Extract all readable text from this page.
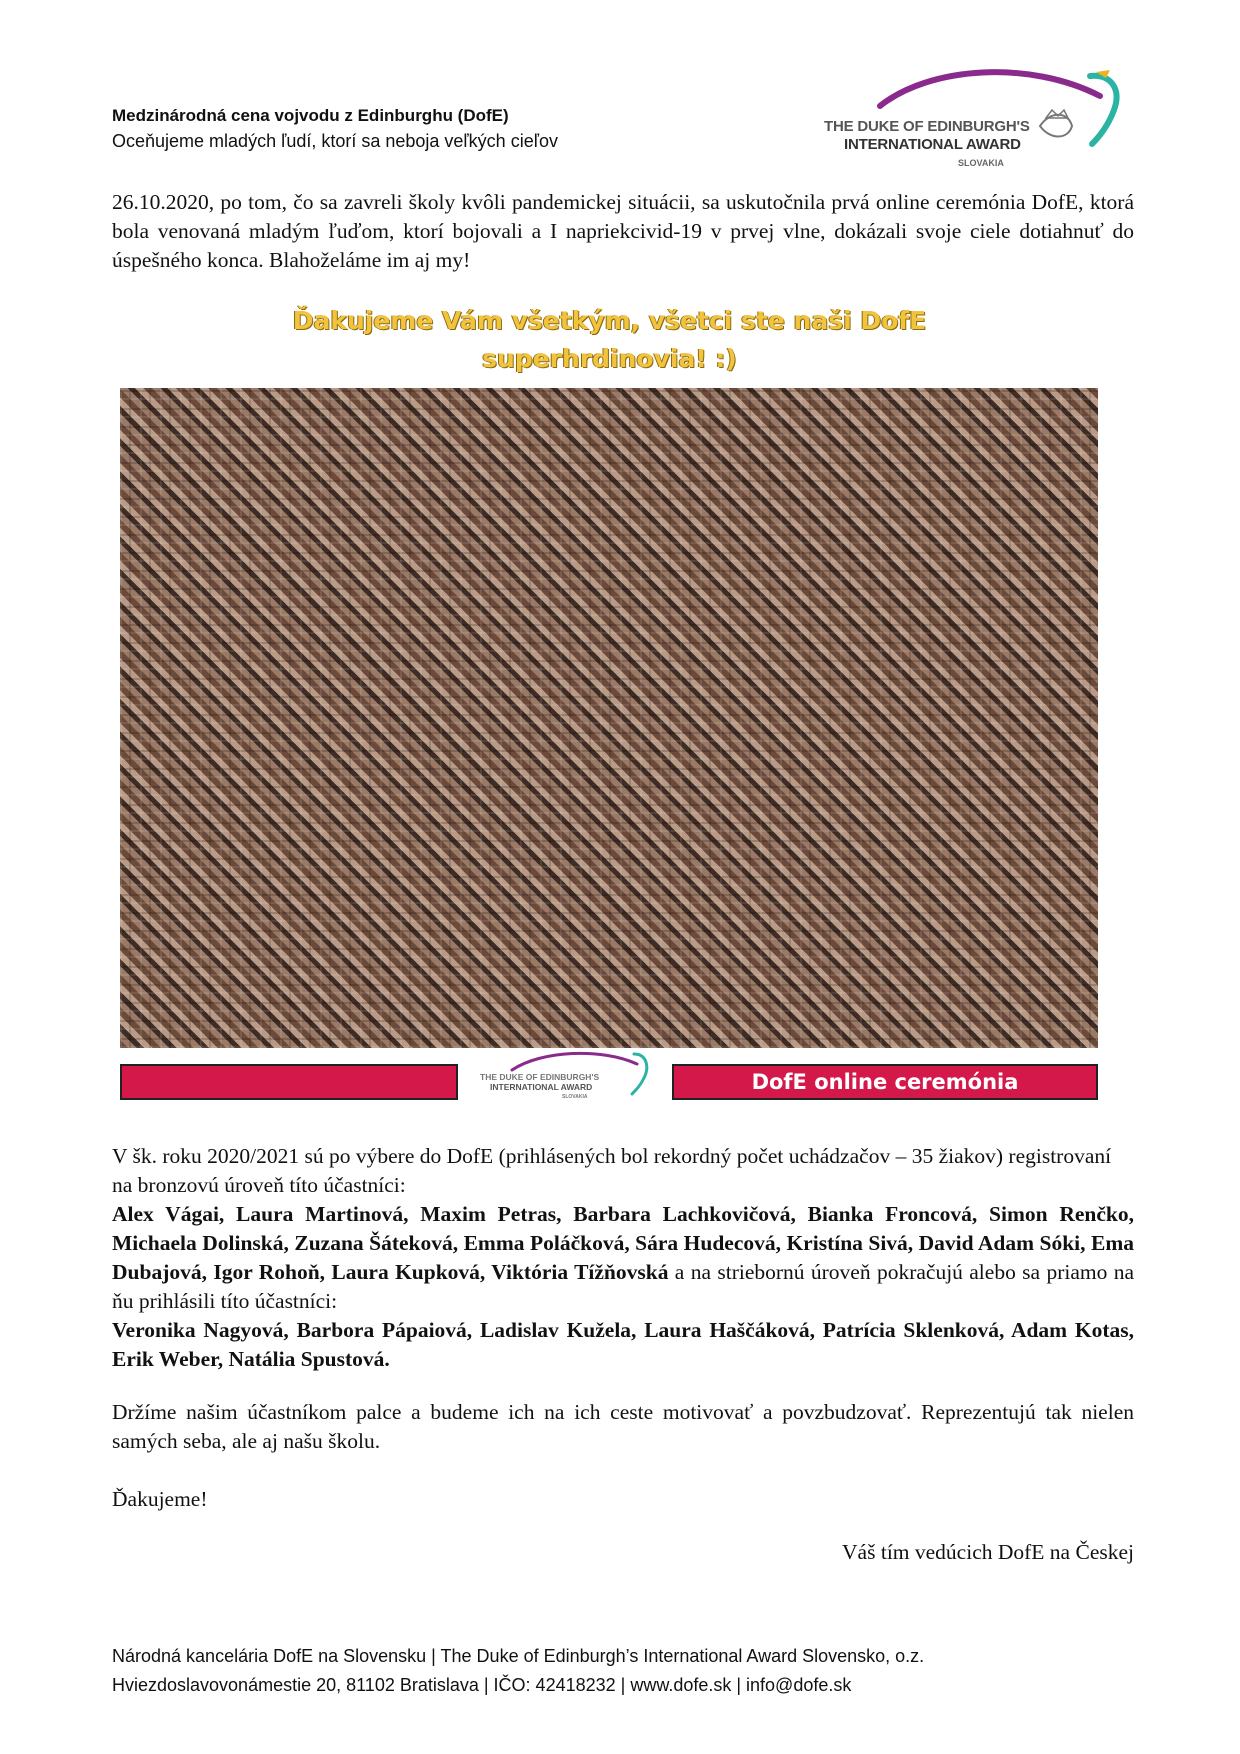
Medzinárodná cena vojvodu z Edinburghu (DofE)
Oceňujeme mladých ľudí, ktorí sa neboja veľkých cieľov
THE DUKE OF EDINBURGH'S
INTERNATIONAL AWARD
SLOVAKIA

26.10.2020, po tom, čo sa zavreli školy kvôli pandemickej situácii, sa uskutočnila prvá online ceremónia DofE, ktorá bola venovaná mladým ľuďom, ktorí bojovali a I napriekcivid-19 v prvej vlne, dokázali svoje ciele dotiahnuť do úspešného konca. Blahoželáme im aj my!

Ďakujeme Vám všetkým, všetci ste naši DofE
superhrdinovia! :)
THE DUKE OF EDINBURGH'S
INTERNATIONAL AWARD
SLOVAKIA
DofE online ceremónia

V šk. roku 2020/2021 sú po výbere do DofE (prihlásených bol rekordný počet uchádzačov – 35 žiakov) registrovaní na bronzovú úroveň títo účastníci:

Alex Vágai, Laura Martinová, Maxim Petras, Barbara Lachkovičová, Bianka Froncová, Simon Renčko, Michaela Dolinská, Zuzana Šáteková, Emma Poláčková, Sára Hudecová, Kristína Sivá, David Adam Sóki, Ema Dubajová, Igor Rohoň, Laura Kupková, Viktória Tížňovská a na striebornú úroveň pokračujú alebo sa priamo na ňu prihlásili títo účastníci:

Veronika Nagyová, Barbora Pápaiová, Ladislav Kuželа, Laura Haščáková, Patrícia Sklenková, Adam Kotas, Erik Weber, Natália Spustová.

Držíme našim účastníkom palce a budeme ich na ich ceste motivovať a povzbudzovať. Reprezentujú tak nielen samých seba, ale aj našu školu.

Ďakujeme!

Váš tím vedúcich DofE na Českej
Národná kancelária DofE na Slovensku | The Duke of Edinburgh’s International Award Slovensko, o.z.
Hviezdoslavovonámestie 20, 81102 Bratislava | IČO: 42418232 | www.dofe.sk | info@dofe.sk
